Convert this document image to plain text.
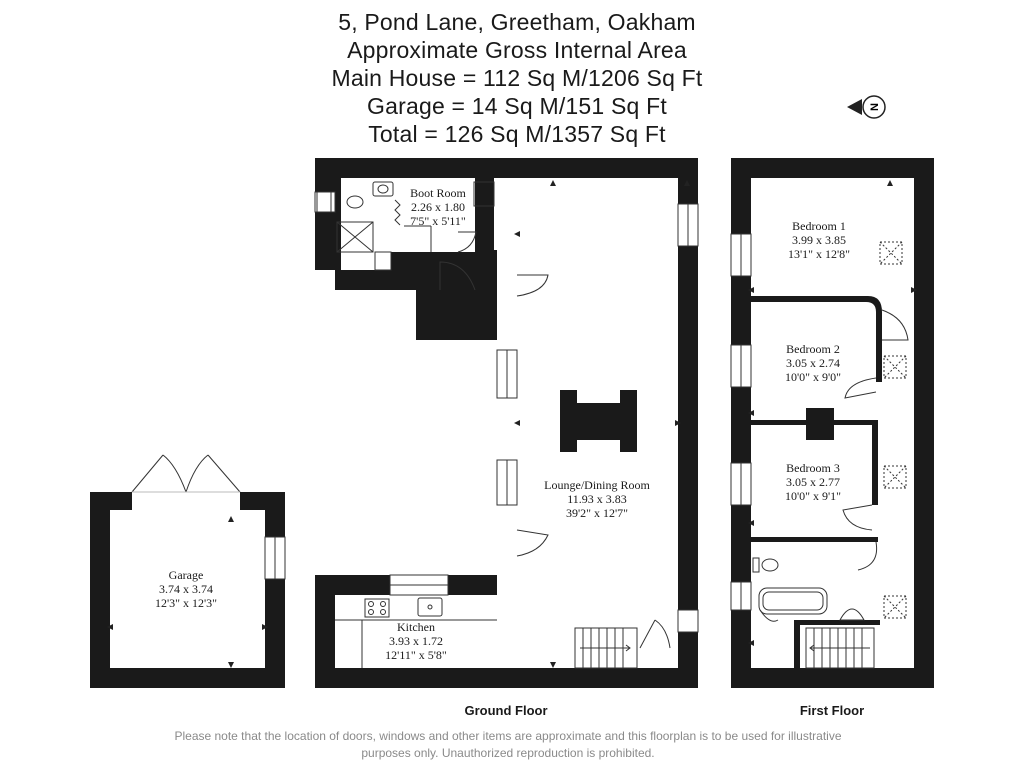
5, Pond Lane, Greetham, Oakham
Approximate Gross Internal Area
Main House = 112 Sq M/1206 Sq Ft
Garage = 14 Sq M/151 Sq Ft
Total = 126 Sq M/1357 Sq Ft
N
Boot Room
2.26 x 1.80
7'5" x 5'11"
Lounge/Dining Room
11.93 x 3.83
39'2" x 12'7"
Kitchen
3.93 x 1.72
12'11" x 5'8"
Garage
3.74 x 3.74
12'3" x 12'3"
Bedroom 1
3.99 x 3.85
13'1" x 12'8"
Bedroom 2
3.05 x 2.74
10'0" x 9'0"
Bedroom 3
3.05 x 2.77
10'0" x 9'1"
Ground Floor	First Floor
Please note that the location of doors, windows and other items are approximate and this floorplan is to be used for illustrative
purposes only. Unauthorized reproduction is prohibited.
